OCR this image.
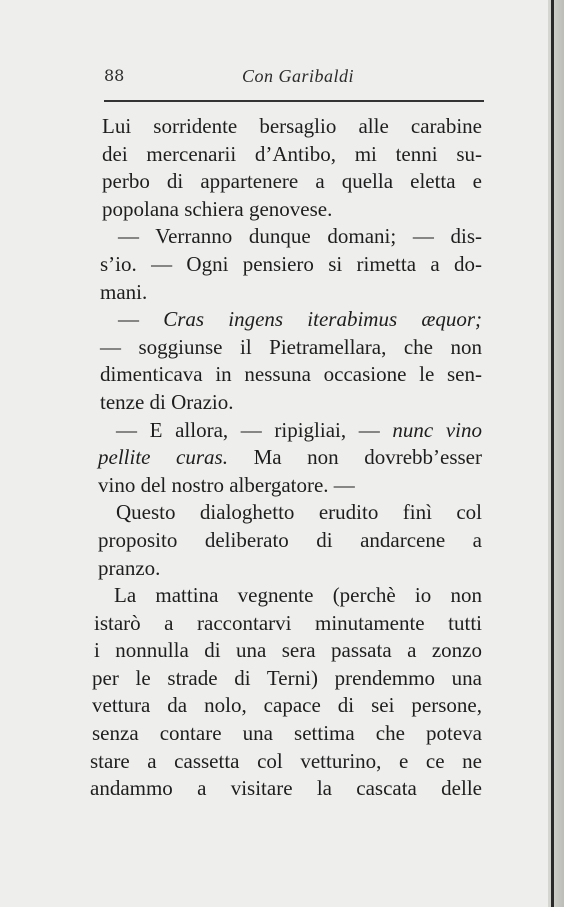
88	Con Garibaldi
Lui sorridente bersaglio alle carabine
dei mercenarii d’Antibo, mi tenni su-
perbo di appartenere a quella eletta e
popolana schiera genovese.
— Verranno dunque domani; — dis-
s’io. — Ogni pensiero si rimetta a do-
mani.
— Cras ingens iterabimus æquor;
— soggiunse il Pietramellara, che non
dimenticava in nessuna occasione le sen-
tenze di Orazio.
— E allora, — ripigliai, — nunc vino
pellite curas. Ma non dovrebb’esser
vino del nostro albergatore. —
Questo dialoghetto erudito finì col
proposito deliberato di andarcene a
pranzo.
La mattina vegnente (perchè io non
istarò a raccontarvi minutamente tutti
i nonnulla di una sera passata a zonzo
per le strade di Terni) prendemmo una
vettura da nolo, capace di sei persone,
senza contare una settima che poteva
stare a cassetta col vetturino, e ce ne
andammo a visitare la cascata delle
